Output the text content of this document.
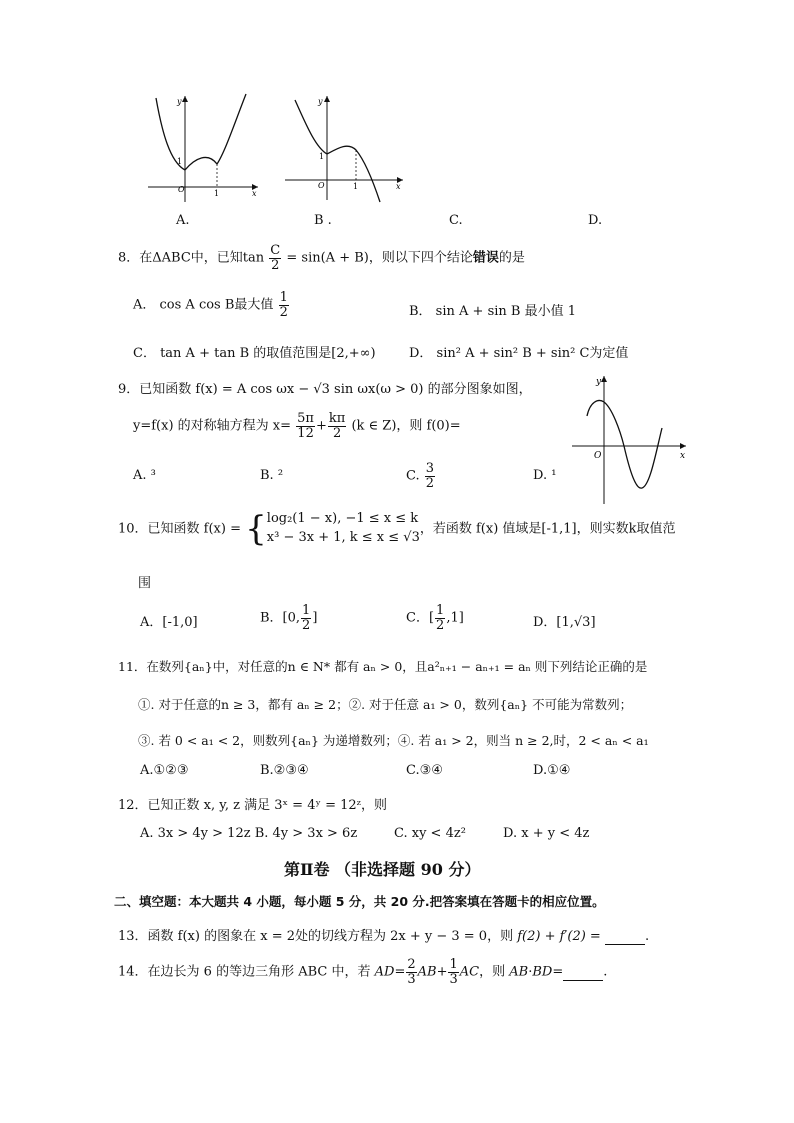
O	1
1
x
y
O	1
1
x
y
A.	B .	C.	D.
8．在ΔABC中，已知$\tan \frac{C}{2} = \sin(A + B)$，则以下四个结论错误的是
A． cos A cos B最大值 $\frac{1}{2}$	B． sin A + sin B 最小值 1
C． tan A + tan B 的取值范围是[2,+∞)	D． sin² A + sin² B + sin² C为定值
9．已知函数 f(x) = A cos ωx − √3 sin ωx(ω > 0) 的部分图象如图，
y=f(x) 的对称轴方程为 $x= \frac{5\pi}{12} + \frac{k\pi}{2} (k$ ∈ Z)，则 f(0)=
A. ³	B. ²	C. $\frac{3}{2}$	D. ¹
O	x
y
10．已知函数 f(x) = { log₂(1 − x), −1 ≤ x ≤ k
x³ − 3x + 1, k ≤ x ≤ √3
，若函数 f(x) 值域是[-1,1]，则实数k取值范
围
A．[-1,0]	B．[0, $\frac{1}{2}$ ]	C．[ $\frac{1}{2} ,1$]	D．[1,√3]
11．在数列{aₙ}中，对任意的n ∈ N* 都有 aₙ > 0，且a²ₙ₊₁ − aₙ₊₁ = aₙ 则下列结论正确的是
①. 对于任意的n ≥ 3，都有 aₙ ≥ 2；②. 对于任意 a₁ > 0，数列{aₙ} 不可能为常数列；
③. 若 0 < a₁ < 2，则数列{aₙ} 为递增数列；④. 若 a₁ > 2，则当 n ≥ 2,时，2 < aₙ < a₁
A.①②③	B.②③④	C.③④	D.①④
12．已知正数 x, y, z 满足 3ˣ = 4ʸ = 12ᶻ，则
A. 3x > 4y > 12z B. 4y > 3x > 6z	C. xy < 4z²	D. x + y < 4z
第Ⅱ卷 （非选择题 90 分）
二、填空题：本大题共 4 小题，每小题 5 分，共 20 分.把答案填在答题卡的相应位置。
13．函数 f(x) 的图象在 x = 2处的切线方程为 2x + y − 3 = 0，则 f(2) + f′(2) =	.
14．在边长为 6 的等边三角形 ABC 中，若 $AD= \frac{2}{3} AB+ \frac{1}{3}$ AC，则 AB·BD=	.
